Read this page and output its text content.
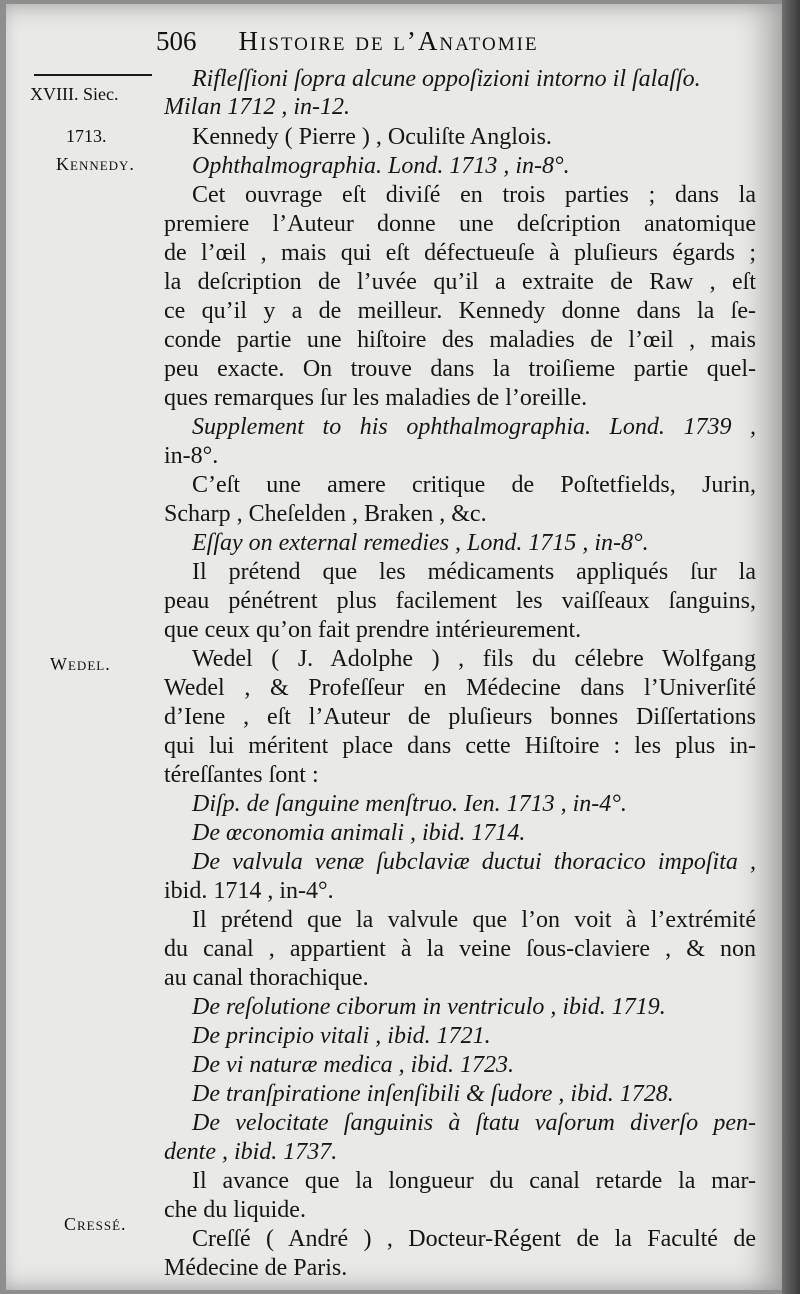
506 Histoire de l’Anatomie
XVIII. Siec.
1713.
Kennedy.
Wedel.
Cressé.
Rifleſſioni ſopra alcune oppoſizioni intorno il ſalaſſo.
Milan 1712 , in-12.
Kennedy ( Pierre ) , Oculiſte Anglois.
Ophthalmographia. Lond. 1713 , in-8°.
Cet ouvrage eſt diviſé en trois parties ; dans la
premiere l’Auteur donne une deſcription anatomique
de l’œil , mais qui eſt défectueuſe à pluſieurs égards ;
la deſcription de l’uvée qu’il a extraite de Raw , eſt
ce qu’il y a de meilleur. Kennedy donne dans la ſe-
conde partie une hiſtoire des maladies de l’œil , mais
peu exacte. On trouve dans la troiſieme partie quel-
ques remarques ſur les maladies de l’oreille.
Supplement to his ophthalmographia. Lond. 1739 ,
in-8°.
C’eſt une amere critique de Poſtetfields, Jurin,
Scharp , Cheſelden , Braken , &c.
Eſſay on external remedies , Lond. 1715 , in-8°.
Il prétend que les médicaments appliqués ſur la
peau pénétrent plus facilement les vaiſſeaux ſanguins,
que ceux qu’on fait prendre intérieurement.
Wedel ( J. Adolphe ) , fils du célebre Wolfgang
Wedel , & Profeſſeur en Médecine dans l’Univerſité
d’Iene , eſt l’Auteur de pluſieurs bonnes Diſſertations
qui lui méritent place dans cette Hiſtoire : les plus in-
téreſſantes ſont :
Diſp. de ſanguine menſtruo. Ien. 1713 , in-4°.
De œconomia animali , ibid. 1714.
De valvula venæ ſubclaviæ ductui thoracico impoſita ,
ibid. 1714 , in-4°.
Il prétend que la valvule que l’on voit à l’extrémité
du canal , appartient à la veine ſous-claviere , & non
au canal thorachique.
De reſolutione ciborum in ventriculo , ibid. 1719.
De principio vitali , ibid. 1721.
De vi naturæ medica , ibid. 1723.
De tranſpiratione inſenſibili & ſudore , ibid. 1728.
De velocitate ſanguinis à ſtatu vaſorum diverſo pen-
dente , ibid. 1737.
Il avance que la longueur du canal retarde la mar-
che du liquide.
Creſſé ( André ) , Docteur-Régent de la Faculté de
Médecine de Paris.
